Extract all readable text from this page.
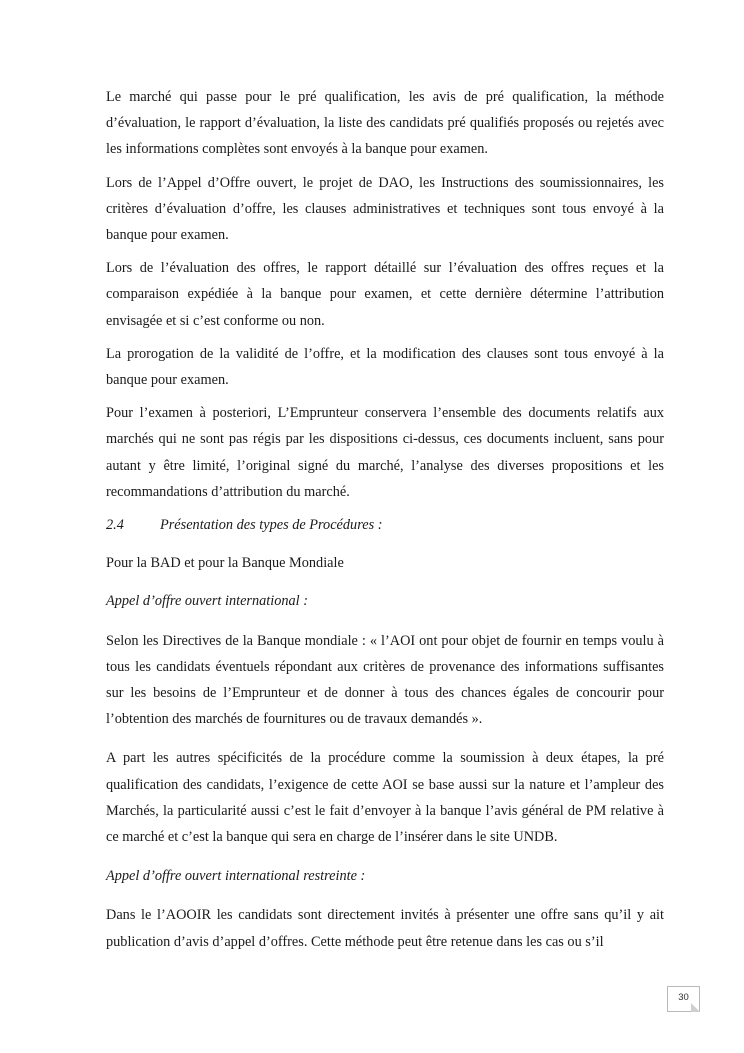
Le marché qui passe pour le pré qualification, les avis de pré qualification, la méthode d’évaluation, le rapport d’évaluation, la liste des candidats pré qualifiés proposés ou rejetés avec les informations complètes sont envoyés à la banque pour examen.

Lors de l’Appel d’Offre ouvert, le projet de DAO, les Instructions des soumissionnaires, les critères d’évaluation d’offre, les clauses administratives et techniques sont tous envoyé à la banque pour examen.

Lors de l’évaluation des offres, le rapport détaillé sur l’évaluation des offres reçues et la comparaison expédiée à la banque pour examen, et cette dernière détermine l’attribution envisagée et si c’est conforme ou non.

La prorogation de la validité de l’offre, et la modification des clauses sont tous envoyé à la banque pour examen.

Pour l’examen à posteriori, L’Emprunteur conservera l’ensemble des documents relatifs aux marchés qui ne sont pas régis par les dispositions ci-dessus, ces documents incluent, sans pour autant y être limité, l’original signé du marché, l’analyse des diverses propositions et les recommandations d’attribution du marché.

2.4	Présentation des types de Procédures :

Pour la BAD et pour la Banque Mondiale

Appel d’offre ouvert international :

Selon les Directives de la Banque mondiale : « l’AOI ont pour objet de fournir en temps voulu à tous les candidats éventuels répondant aux critères de provenance des informations suffisantes sur les besoins de l’Emprunteur et de donner à tous des chances égales de concourir pour l’obtention des marchés de fournitures ou de travaux demandés ».

A part les autres spécificités de la procédure comme la soumission à deux étapes, la pré qualification des candidats, l’exigence de cette AOI se base aussi sur la nature et l’ampleur des Marchés, la particularité aussi c’est le fait d’envoyer à la banque l’avis général de PM relative à ce marché et c’est la banque qui sera en charge de l’insérer dans le site UNDB.

Appel d’offre ouvert international restreinte :

Dans le l’AOOIR les candidats sont directement invités à présenter une offre sans qu’il y ait publication d’avis d’appel d’offres. Cette méthode peut être retenue dans les cas ou s’il

30
